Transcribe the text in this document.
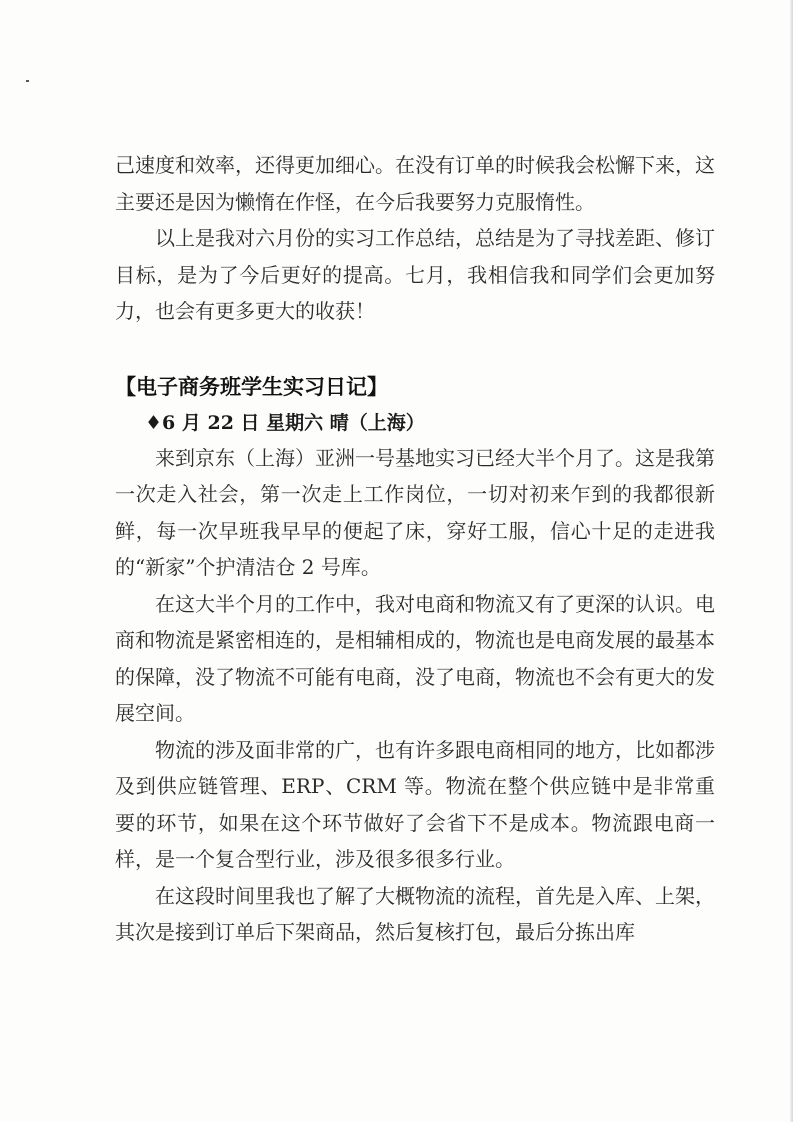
己速度和效率，还得更加细心。在没有订单的时候我会松懈下来，这主要还是因为懒惰在作怪，在今后我要努力克服惰性。

以上是我对六月份的实习工作总结，总结是为了寻找差距、修订目标，是为了今后更好的提高。七月，我相信我和同学们会更加努力，也会有更多更大的收获！

【电子商务班学生实习日记】
♦6 月 22 日 星期六 晴（上海）

来到京东（上海）亚洲一号基地实习已经大半个月了。这是我第一次走入社会，第一次走上工作岗位，一切对初来乍到的我都很新鲜，每一次早班我早早的便起了床，穿好工服，信心十足的走进我的“新家”个护清洁仓 2 号库。

在这大半个月的工作中，我对电商和物流又有了更深的认识。电商和物流是紧密相连的，是相辅相成的，物流也是电商发展的最基本的保障，没了物流不可能有电商，没了电商，物流也不会有更大的发展空间。

物流的涉及面非常的广，也有许多跟电商相同的地方，比如都涉及到供应链管理、ERP、CRM 等。物流在整个供应链中是非常重要的环节，如果在这个环节做好了会省下不是成本。物流跟电商一样，是一个复合型行业，涉及很多很多行业。

在这段时间里我也了解了大概物流的流程，首先是入库、上架，其次是接到订单后下架商品，然后复核打包，最后分拣出库
